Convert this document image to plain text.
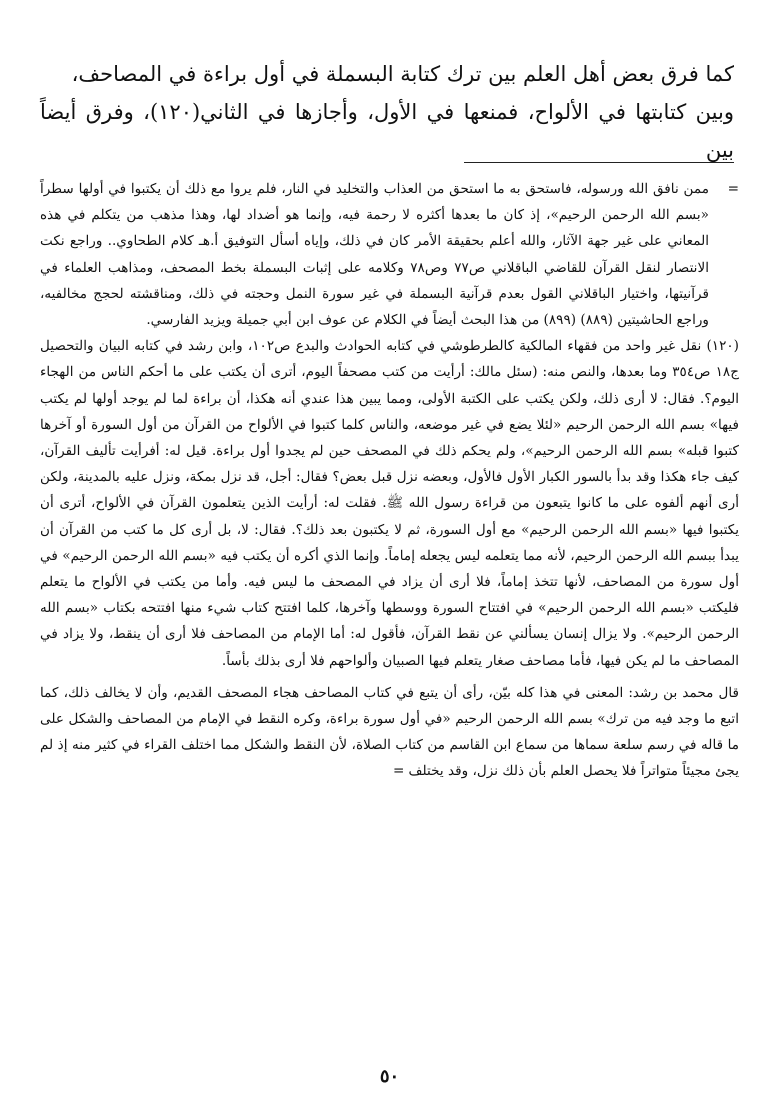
كما فرق بعض أهل العلم بين ترك كتابة البسملة في أول براءة في المصاحف،

وبين كتابتها في الألواح، فمنعها في الأول، وأجازها في الثاني(١٢٠)، وفرق أيضاً بين

=
ممن نافق الله ورسوله، فاستحق به ما استحق من العذاب والتخليد في النار، فلم يروا مع ذلك أن يكتبوا في أولها سطراً «بسم الله الرحمن الرحيم»، إذ كان ما بعدها أكثره لا رحمة فيه، وإنما هو أضداد لها، وهذا مذهب من يتكلم في هذه المعاني على غير جهة الآثار، والله أعلم بحقيقة الأمر كان في ذلك، وإياه أسأل التوفيق أ.هـ كلام الطحاوي.. وراجع نكت الانتصار لنقل القرآن للقاضي الباقلاني ص٧٧ وص٧٨ وكلامه على إثبات البسملة بخط المصحف، ومذاهب العلماء في قرآنيتها، واختيار الباقلاني القول بعدم قرآنية البسملة في غير سورة النمل وحجته في ذلك، ومناقشته لحجج مخالفيه، وراجع الحاشيتين (٨٨٩) (٨٩٩) من هذا البحث أيضاً في الكلام عن عوف ابن أبي جميلة ويزيد الفارسي.

(١٢٠) نقل غير واحد من فقهاء المالكية كالطرطوشي في كتابه الحوادث والبدع ص١٠٢، وابن رشد في كتابه البيان والتحصيل ج١٨ ص٣٥٤ وما بعدها، والنص منه: (سئل مالك: أرأيت من كتب مصحفاً اليوم، أترى أن يكتب على ما أحكم الناس من الهجاء اليوم؟. فقال: لا أرى ذلك، ولكن يكتب على الكتبة الأولى، ومما يبين هذا عندي أنه هكذا، أن براءة لما لم يوجد أولها لم يكتب فيها» بسم الله الرحمن الرحيم «لئلا يضع في غير موضعه، والناس كلما كتبوا في الألواح من القرآن من أول السورة أو آخرها كتبوا قبله» بسم الله الرحمن الرحيم»، ولم يحكم ذلك في المصحف حين لم يجدوا أول براءة. قيل له: أفرأيت تأليف القرآن، كيف جاء هكذا وقد بدأ بالسور الكبار الأول فالأول، وبعضه نزل قبل بعض؟ فقال: أجل، قد نزل بمكة، ونزل عليه بالمدينة، ولكن أرى أنهم ألفوه على ما كانوا يتبعون من قراءة رسول الله ﷺ. فقلت له: أرأيت الذين يتعلمون القرآن في الألواح، أترى أن يكتبوا فيها «بسم الله الرحمن الرحيم» مع أول السورة، ثم لا يكتبون بعد ذلك؟. فقال: لا، بل أرى كل ما كتب من القرآن أن يبدأ ببسم الله الرحمن الرحيم، لأنه مما يتعلمه ليس يجعله إماماً. وإنما الذي أكره أن يكتب فيه «بسم الله الرحمن الرحيم» في أول سورة من المصاحف، لأنها تتخذ إماماً، فلا أرى أن يزاد في المصحف ما ليس فيه. وأما من يكتب في الألواح ما يتعلم فليكتب «بسم الله الرحمن الرحيم» في افتتاح السورة ووسطها وآخرها، كلما افتتح كتاب شيء منها افتتحه بكتاب «بسم الله الرحمن الرحيم». ولا يزال إنسان يسألني عن نقط القرآن، فأقول له: أما الإمام من المصاحف فلا أرى أن ينقط، ولا يزاد في المصاحف ما لم يكن فيها، فأما مصاحف صغار يتعلم فيها الصبيان وألواحهم فلا أرى بذلك بأساً.

قال محمد بن رشد: المعنى في هذا كله بيّن، رأى أن يتبع في كتاب المصاحف هجاء المصحف القديم، وأن لا يخالف ذلك، كما اتبع ما وجد فيه من ترك» بسم الله الرحمن الرحيم «في أول سورة براءة، وكره النقط في الإمام من المصاحف والشكل على ما قاله في رسم سلعة سماها من سماع ابن القاسم من كتاب الصلاة، لأن النقط والشكل مما اختلف القراء في كثير منه إذ لم يجئ مجيئاً متواتراً فلا يحصل العلم بأن ذلك نزل، وقد يختلف=

٥٠
